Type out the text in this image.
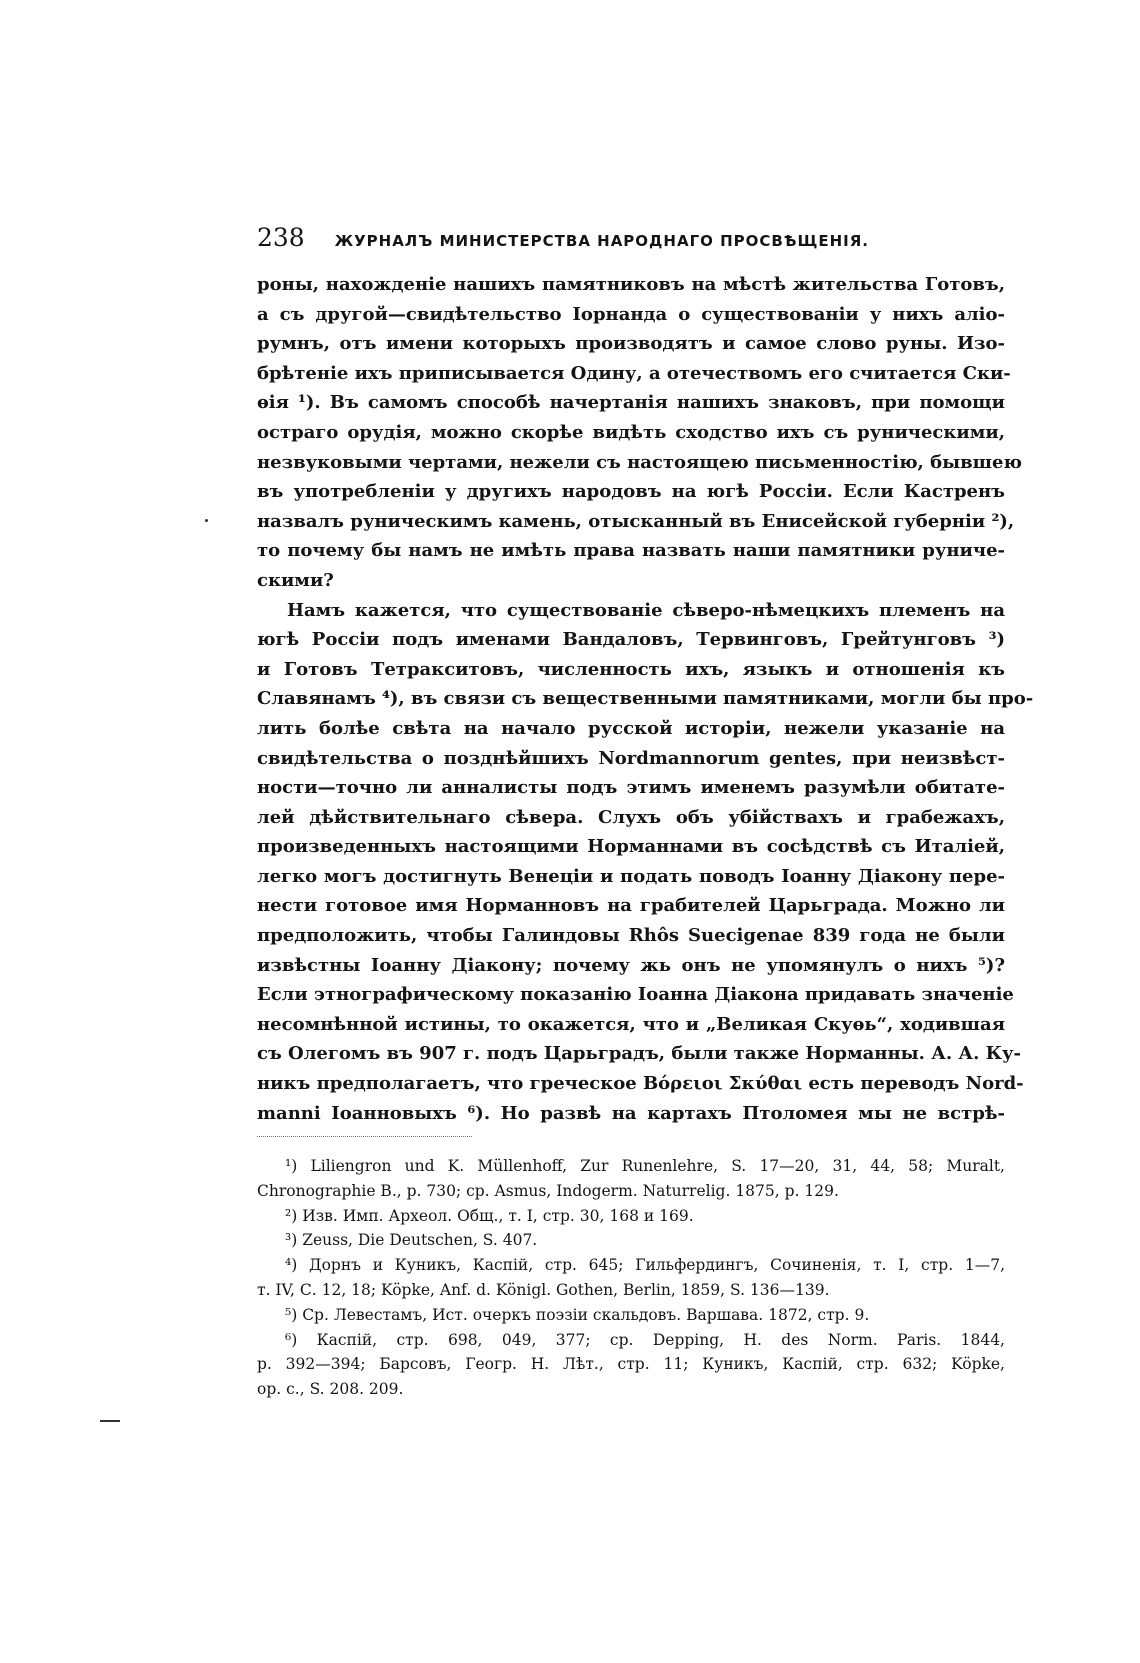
238 ЖУРНАЛЪ МИНИСТЕРСТВА НАРОДНАГО ПРОСВѢЩЕНІЯ.

роны, нахожденіе нашихъ памятниковъ на мѣстѣ жительства Готовъ,
а съ другой—свидѣтельство Іорнанда о существованіи у нихъ аліо-
румнъ, отъ имени которыхъ производятъ и самое слово руны. Изо-
брѣтеніе ихъ приписывается Одину, а отечествомъ его считается Ски-
ѳія ¹). Въ самомъ способѣ начертанія нашихъ знаковъ, при помощи
остраго орудія, можно скорѣе видѣть сходство ихъ съ руническими,
незвуковыми чертами, нежели съ настоящею письменностію, бывшею
въ употребленіи у другихъ народовъ на югѣ Россіи. Если Кастренъ
назвалъ руническимъ камень, отысканный въ Енисейской губерніи ²),
то почему бы намъ не имѣть права назвать наши памятники руниче-
скими?

Намъ кажется, что существованіе сѣверо-нѣмецкихъ племенъ на
югѣ Россіи подъ именами Вандаловъ, Тервинговъ, Грейтунговъ ³)
и Готовъ Тетракситовъ, численность ихъ, языкъ и отношенія къ
Славянамъ ⁴), въ связи съ вещественными памятниками, могли бы про-
лить болѣе свѣта на начало русской исторіи, нежели указаніе на
свидѣтельства о позднѣйшихъ Nordmannorum gentes, при неизвѣст-
ности—точно ли анналисты подъ этимъ именемъ разумѣли обитате-
лей дѣйствительнаго сѣвера. Слухъ объ убійствахъ и грабежахъ,
произведенныхъ настоящими Норманнами въ сосѣдствѣ съ Италіей,
легко могъ достигнуть Венеціи и подать поводъ Іоанну Діакону пере-
нести готовое имя Норманновъ на грабителей Царьграда. Можно ли
предположить, чтобы Галиндовы Rhôs Suecigenae 839 года не были
извѣстны Іоанну Діакону; почему жь онъ не упомянулъ о нихъ ⁵)?
Если этнографическому показанію Іоанна Діакона придавать значеніе
несомнѣнной истины, то окажется, что и „Великая Скуѳь“, ходившая
съ Олегомъ въ 907 г. подъ Царьградъ, были также Норманны. А. А. Ку-
никъ предполагаетъ, что греческое Βόρειοι Σκύθαι есть переводъ Nord-
manni Іоанновыхъ ⁶). Но развѣ на картахъ Птоломея мы не встрѣ-

¹) Liliengron und K. Müllenhoff, Zur Runenlehre, S. 17—20, 31, 44, 58; Muralt,
Chronographie B., p. 730; ср. Asmus, Indogerm. Naturrelig. 1875, p. 129.
²) Изв. Имп. Археол. Общ., т. I, стр. 30, 168 и 169.
³) Zeuss, Die Deutschen, S. 407.
⁴) Дорнъ и Куникъ, Каспій, стр. 645; Гильфердингъ, Сочиненія, т. I, стр. 1—7,
т. IV, С. 12, 18; Köpke, Anf. d. Königl. Gothen, Berlin, 1859, S. 136—139.
⁵) Ср. Левестамъ, Ист. очеркъ поэзіи скальдовъ. Варшава. 1872, стр. 9.
⁶) Каспій, стр. 698, 049, 377; ср. Depping, H. des Norm. Paris. 1844,
p. 392—394; Барсовъ, Геогр. Н. Лѣт., стр. 11; Куникъ, Каспій, стр. 632; Köpke,
op. c., S. 208. 209.
